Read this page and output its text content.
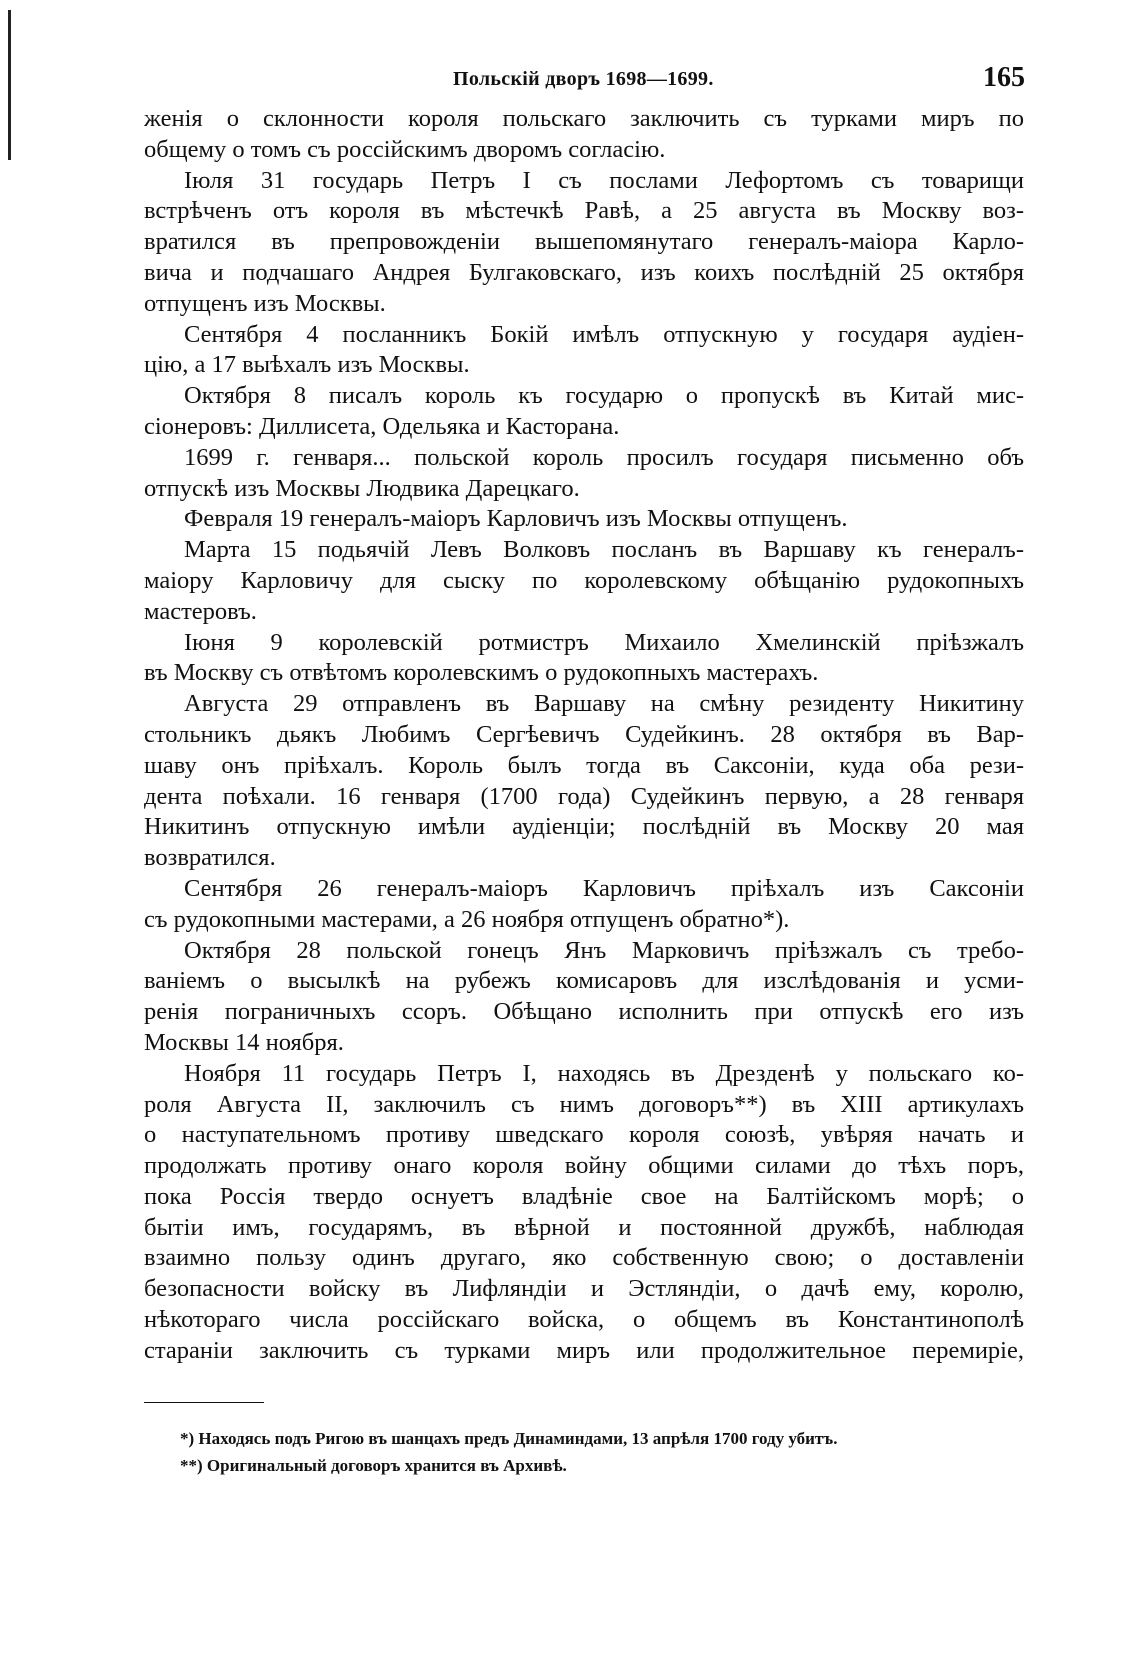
Польскій дворъ 1698—1699.	165
женія о склонности короля польскаго заключить съ турками миръ по
общему о томъ съ россійскимъ дворомъ согласію.
Іюля 31 государь Петръ I съ послами Лефортомъ съ товарищи
встрѣченъ отъ короля въ мѣстечкѣ Равѣ, а 25 августа въ Москву воз-
вратился въ препровожденіи вышепомянутаго генералъ-маіора Карло-
вича и подчашаго Андрея Булгаковскаго, изъ коихъ послѣдній 25 октября
отпущенъ изъ Москвы.
Сентября 4 посланникъ Бокій имѣлъ отпускную у государя аудіен-
цію, а 17 выѣхалъ изъ Москвы.
Октября 8 писалъ король къ государю о пропускѣ въ Китай мис-
сіонеровъ: Диллисета, Одельяка и Касторана.
1699 г. генваря... польской король просилъ государя письменно объ
отпускѣ изъ Москвы Людвика Дарецкаго.
Февраля 19 генералъ-маіоръ Карловичъ изъ Москвы отпущенъ.
Марта 15 подьячій Левъ Волковъ посланъ въ Варшаву къ генералъ-
маіору Карловичу для сыску по королевскому обѣщанію рудокопныхъ
мастеровъ.
Іюня 9 королевскій ротмистръ Михаило Хмелинскій пріѣзжалъ
въ Москву съ отвѣтомъ королевскимъ о рудокопныхъ мастерахъ.
Августа 29 отправленъ въ Варшаву на смѣну резиденту Никитину
стольникъ дьякъ Любимъ Сергѣевичъ Судейкинъ. 28 октября въ Вар-
шаву онъ пріѣхалъ. Король былъ тогда въ Саксоніи, куда оба рези-
дента поѣхали. 16 генваря (1700 года) Судейкинъ первую, а 28 генваря
Никитинъ отпускную имѣли аудіенціи; послѣдній въ Москву 20 мая
возвратился.
Сентября 26 генералъ-маіоръ Карловичъ пріѣхалъ изъ Саксоніи
съ рудокопными мастерами, а 26 ноября отпущенъ обратно*).
Октября 28 польской гонецъ Янъ Марковичъ пріѣзжалъ съ требо-
ваніемъ о высылкѣ на рубежъ комисаровъ для изслѣдованія и усми-
ренія пограничныхъ ссоръ. Обѣщано исполнить при отпускѣ его изъ
Москвы 14 ноября.
Ноября 11 государь Петръ I, находясь въ Дрезденѣ у польскаго ко-
роля Августа II, заключилъ съ нимъ договоръ**) въ XIII артикулахъ
о наступательномъ противу шведскаго короля союзѣ, увѣряя начать и
продолжать противу онаго короля войну общими силами до тѣхъ поръ,
пока Россія твердо оснуетъ владѣніе свое на Балтійскомъ морѣ; о
бытіи имъ, государямъ, въ вѣрной и постоянной дружбѣ, наблюдая
взаимно пользу одинъ другаго, яко собственную свою; о доставленіи
безопасности войску въ Лифляндіи и Эстляндіи, о дачѣ ему, королю,
нѣкотораго числа россійскаго войска, о общемъ въ Константинополѣ
стараніи заключить съ турками миръ или продолжительное перемиріе,
*) Находясь подъ Ригою въ шанцахъ предъ Динаминдами, 13 апрѣля 1700 году убитъ.
**) Оригинальный договоръ хранится въ Архивѣ.
